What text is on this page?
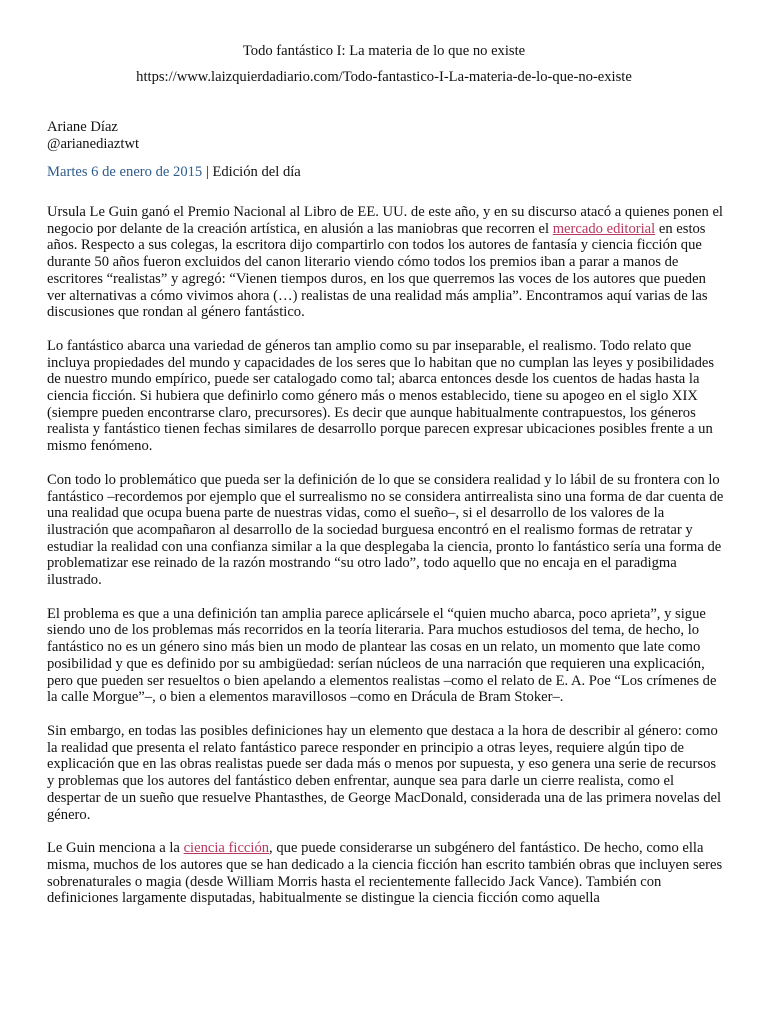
Todo fantástico I: La materia de lo que no existe
https://www.laizquierdadiario.com/Todo-fantastico-I-La-materia-de-lo-que-no-existe
Ariane Díaz
@arianediaztwt
Martes 6 de enero de 2015 | Edición del día

Ursula Le Guin ganó el Premio Nacional al Libro de EE. UU. de este año, y en su discurso atacó a quienes ponen el negocio por delante de la creación artística, en alusión a las maniobras que recorren el mercado editorial en estos años. Respecto a sus colegas, la escritora dijo compartirlo con todos los autores de fantasía y ciencia ficción que durante 50 años fueron excluidos del canon literario viendo cómo todos los premios iban a parar a manos de escritores “realistas” y agregó: “Vienen tiempos duros, en los que querremos las voces de los autores que pueden ver alternativas a cómo vivimos ahora (…) realistas de una realidad más amplia”. Encontramos aquí varias de las discusiones que rondan al género fantástico.

Lo fantástico abarca una variedad de géneros tan amplio como su par inseparable, el realismo. Todo relato que incluya propiedades del mundo y capacidades de los seres que lo habitan que no cumplan las leyes y posibilidades de nuestro mundo empírico, puede ser catalogado como tal; abarca entonces desde los cuentos de hadas hasta la ciencia ficción. Si hubiera que definirlo como género más o menos establecido, tiene su apogeo en el siglo XIX (siempre pueden encontrarse claro, precursores). Es decir que aunque habitualmente contrapuestos, los géneros realista y fantástico tienen fechas similares de desarrollo porque parecen expresar ubicaciones posibles frente a un mismo fenómeno.

Con todo lo problemático que pueda ser la definición de lo que se considera realidad y lo lábil de su frontera con lo fantástico –recordemos por ejemplo que el surrealismo no se considera antirrealista sino una forma de dar cuenta de una realidad que ocupa buena parte de nuestras vidas, como el sueño–, si el desarrollo de los valores de la ilustración que acompañaron al desarrollo de la sociedad burguesa encontró en el realismo formas de retratar y estudiar la realidad con una confianza similar a la que desplegaba la ciencia, pronto lo fantástico sería una forma de problematizar ese reinado de la razón mostrando “su otro lado”, todo aquello que no encaja en el paradigma ilustrado.

El problema es que a una definición tan amplia parece aplicársele el “quien mucho abarca, poco aprieta”, y sigue siendo uno de los problemas más recorridos en la teoría literaria. Para muchos estudiosos del tema, de hecho, lo fantástico no es un género sino más bien un modo de plantear las cosas en un relato, un momento que late como posibilidad y que es definido por su ambigüedad: serían núcleos de una narración que requieren una explicación, pero que pueden ser resueltos o bien apelando a elementos realistas –como el relato de E. A. Poe “Los crímenes de la calle Morgue”–, o bien a elementos maravillosos –como en Drácula de Bram Stoker–.

Sin embargo, en todas las posibles definiciones hay un elemento que destaca a la hora de describir al género: como la realidad que presenta el relato fantástico parece responder en principio a otras leyes, requiere algún tipo de explicación que en las obras realistas puede ser dada más o menos por supuesta, y eso genera una serie de recursos y problemas que los autores del fantástico deben enfrentar, aunque sea para darle un cierre realista, como el despertar de un sueño que resuelve Phantasthes, de George MacDonald, considerada una de las primera novelas del género.

Le Guin menciona a la ciencia ficción, que puede considerarse un subgénero del fantástico. De hecho, como ella misma, muchos de los autores que se han dedicado a la ciencia ficción han escrito también obras que incluyen seres sobrenaturales o magia (desde William Morris hasta el recientemente fallecido Jack Vance). También con definiciones largamente disputadas, habitualmente se distingue la ciencia ficción como aquella
